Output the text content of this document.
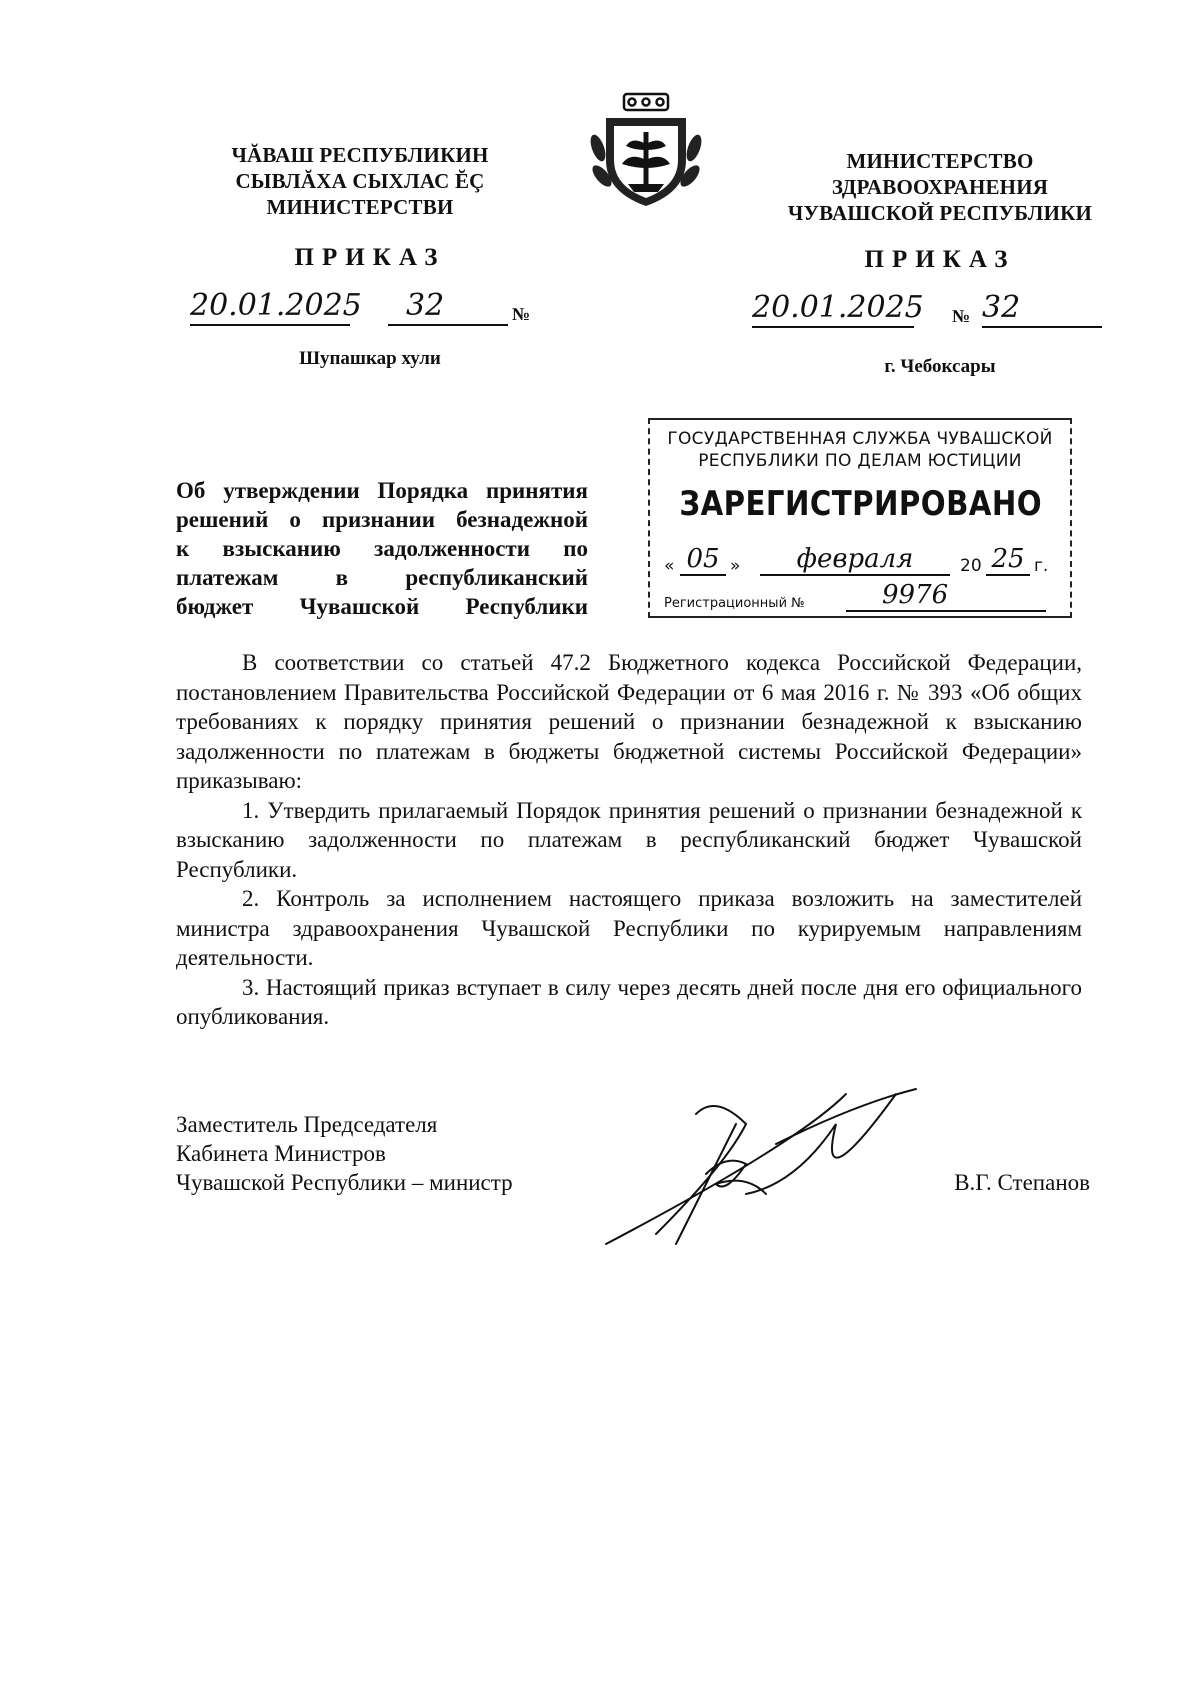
ЧĂВАШ РЕСПУБЛИКИН
СЫВЛĂХА СЫХЛАС ĔÇ
МИНИСТЕРСТВИ
ПРИКАЗ
20.01.2025	32	№
Шупашкар хули
МИНИСТЕРСТВО
ЗДРАВООХРАНЕНИЯ
ЧУВАШСКОЙ РЕСПУБЛИКИ
ПРИКАЗ
20.01.2025 № 32
г. Чебоксары
ГОСУДАРСТВЕННАЯ СЛУЖБА ЧУВАШСКОЙ
РЕСПУБЛИКИ ПО ДЕЛАМ ЮСТИЦИИ
ЗАРЕГИСТРИРОВАНО
« 05 »	февраля	20 25 г.
Регистрационный №	9976
Об утверждении Порядка принятия
решений о признании безнадежной
к взысканию задолженности по
платежам в республиканский
бюджет Чувашской Республики

В соответствии со статьей 47.2 Бюджетного кодекса Российской Федерации, постановлением Правительства Российской Федерации от 6 мая 2016 г. № 393 «Об общих требованиях к порядку принятия решений о признании безнадежной к взысканию задолженности по платежам в бюджеты бюджетной системы Российской Федерации» приказываю:

1. Утвердить прилагаемый Порядок принятия решений о признании безнадежной к взысканию задолженности по платежам в республиканский бюджет Чувашской Республики.

2. Контроль за исполнением настоящего приказа возложить на заместителей министра здравоохранения Чувашской Республики по курируемым направлениям деятельности.

3. Настоящий приказ вступает в силу через десять дней после дня его официального опубликования.

Заместитель Председателя
Кабинета Министров
Чувашской Республики – министр	В.Г. Степанов
